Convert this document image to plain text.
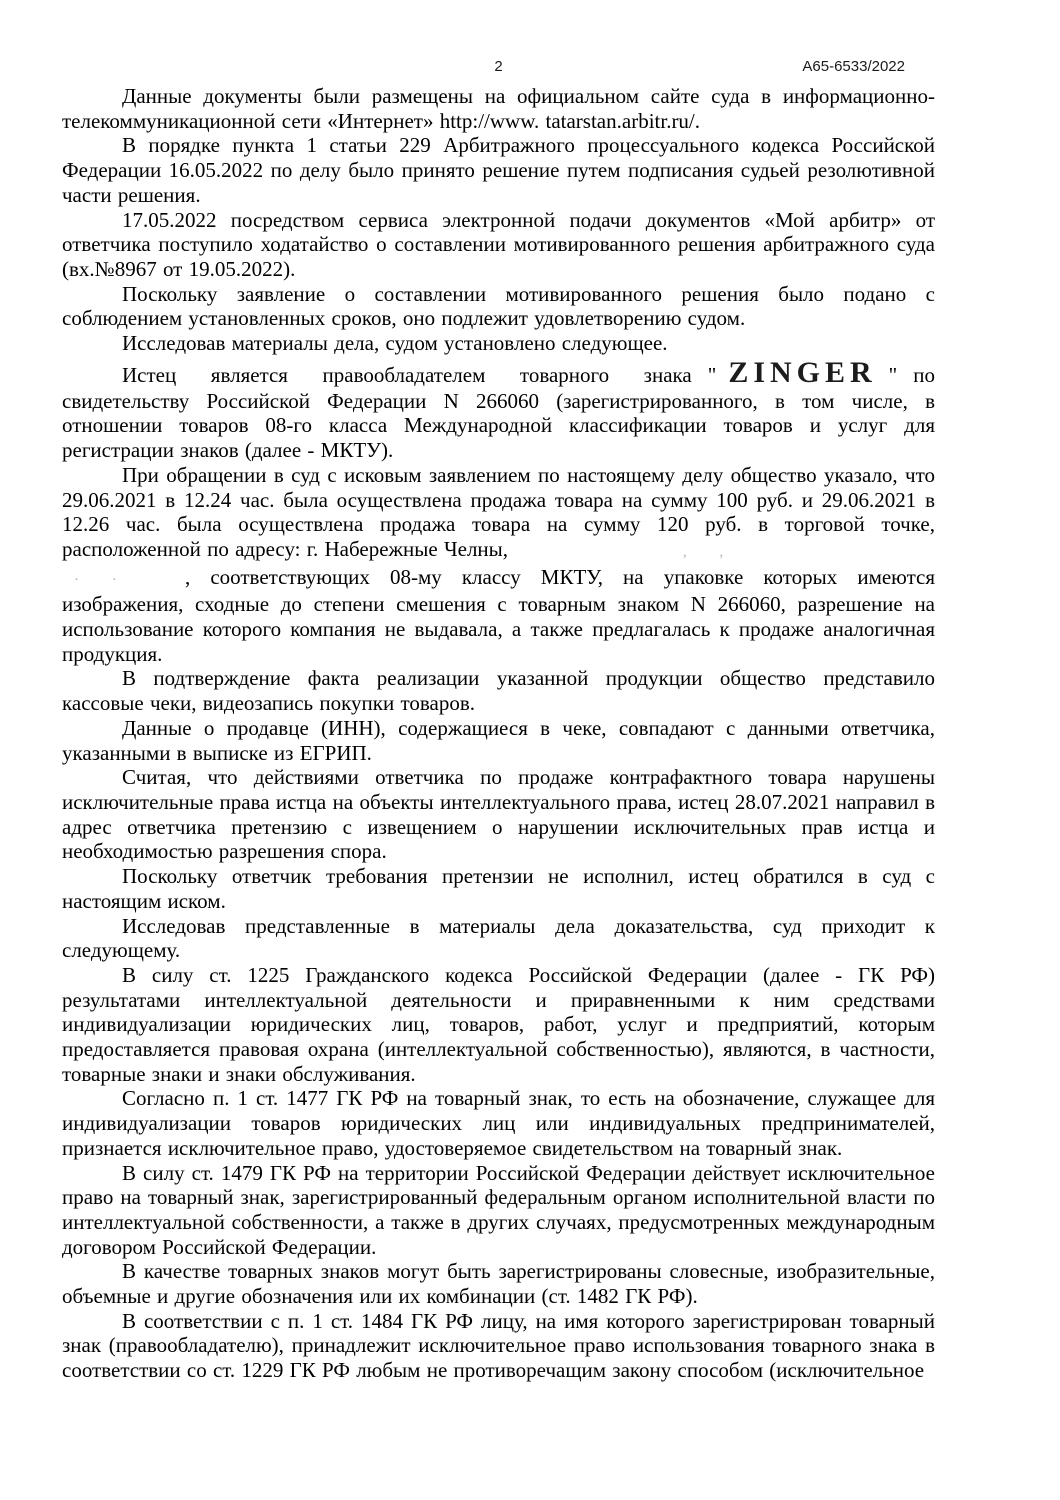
2	А65-6533/2022

Данные документы были размещены на официальном сайте суда в информационно-телекоммуникационной сети «Интернет» http://www. tatarstan.arbitr.ru/.

В порядке пункта 1 статьи 229 Арбитражного процессуального кодекса Российской Федерации 16.05.2022 по делу было принято решение путем подписания судьей резолютивной части решения.

17.05.2022 посредством сервиса электронной подачи документов «Мой арбитр» от ответчика поступило ходатайство о составлении мотивированного решения арбитражного суда (вх.№8967 от 19.05.2022).

Поскольку заявление о составлении мотивированного решения было подано с соблюдением установленных сроков, оно подлежит удовлетворению судом.

Исследовав материалы дела, судом установлено следующее.

Истец является правообладателем товарного знака " ZINGER " по свидетельству Российской Федерации N 266060 (зарегистрированного, в том числе, в отношении товаров 08-го класса Международной классификации товаров и услуг для регистрации знаков (далее - МКТУ).

При обращении в суд с исковым заявлением по настоящему делу общество указало, что 29.06.2021 в 12.24 час. была осуществлена продажа товара на сумму 100 руб. и 29.06.2021 в 12.26 час. была осуществлена продажа товара на сумму 120 руб. в торговой точке, расположенной по адресу: г. Набережные Челны,	, ,

· ·	, соответствующих 08-му классу МКТУ, на упаковке которых имеются изображения, сходные до степени смешения с товарным знаком N 266060, разрешение на использование которого компания не выдавала, а также предлагалась к продаже аналогичная продукция.

В подтверждение факта реализации указанной продукции общество представило кассовые чеки, видеозапись покупки товаров.

Данные о продавце (ИНН), содержащиеся в чеке, совпадают с данными ответчика, указанными в выписке из ЕГРИП.

Считая, что действиями ответчика по продаже контрафактного товара нарушены исключительные права истца на объекты интеллектуального права, истец 28.07.2021 направил в адрес ответчика претензию с извещением о нарушении исключительных прав истца и необходимостью разрешения спора.

Поскольку ответчик требования претензии не исполнил, истец обратился в суд с настоящим иском.

Исследовав представленные в материалы дела доказательства, суд приходит к следующему.

В силу ст. 1225 Гражданского кодекса Российской Федерации (далее - ГК РФ) результатами интеллектуальной деятельности и приравненными к ним средствами индивидуализации юридических лиц, товаров, работ, услуг и предприятий, которым предоставляется правовая охрана (интеллектуальной собственностью), являются, в частности, товарные знаки и знаки обслуживания.

Согласно п. 1 ст. 1477 ГК РФ на товарный знак, то есть на обозначение, служащее для индивидуализации товаров юридических лиц или индивидуальных предпринимателей, признается исключительное право, удостоверяемое свидетельством на товарный знак.

В силу ст. 1479 ГК РФ на территории Российской Федерации действует исключительное право на товарный знак, зарегистрированный федеральным органом исполнительной власти по интеллектуальной собственности, а также в других случаях, предусмотренных международным договором Российской Федерации.

В качестве товарных знаков могут быть зарегистрированы словесные, изобразительные, объемные и другие обозначения или их комбинации (ст. 1482 ГК РФ).

В соответствии с п. 1 ст. 1484 ГК РФ лицу, на имя которого зарегистрирован товарный знак (правообладателю), принадлежит исключительное право использования товарного знака в соответствии со ст. 1229 ГК РФ любым не противоречащим закону способом (исключительное
